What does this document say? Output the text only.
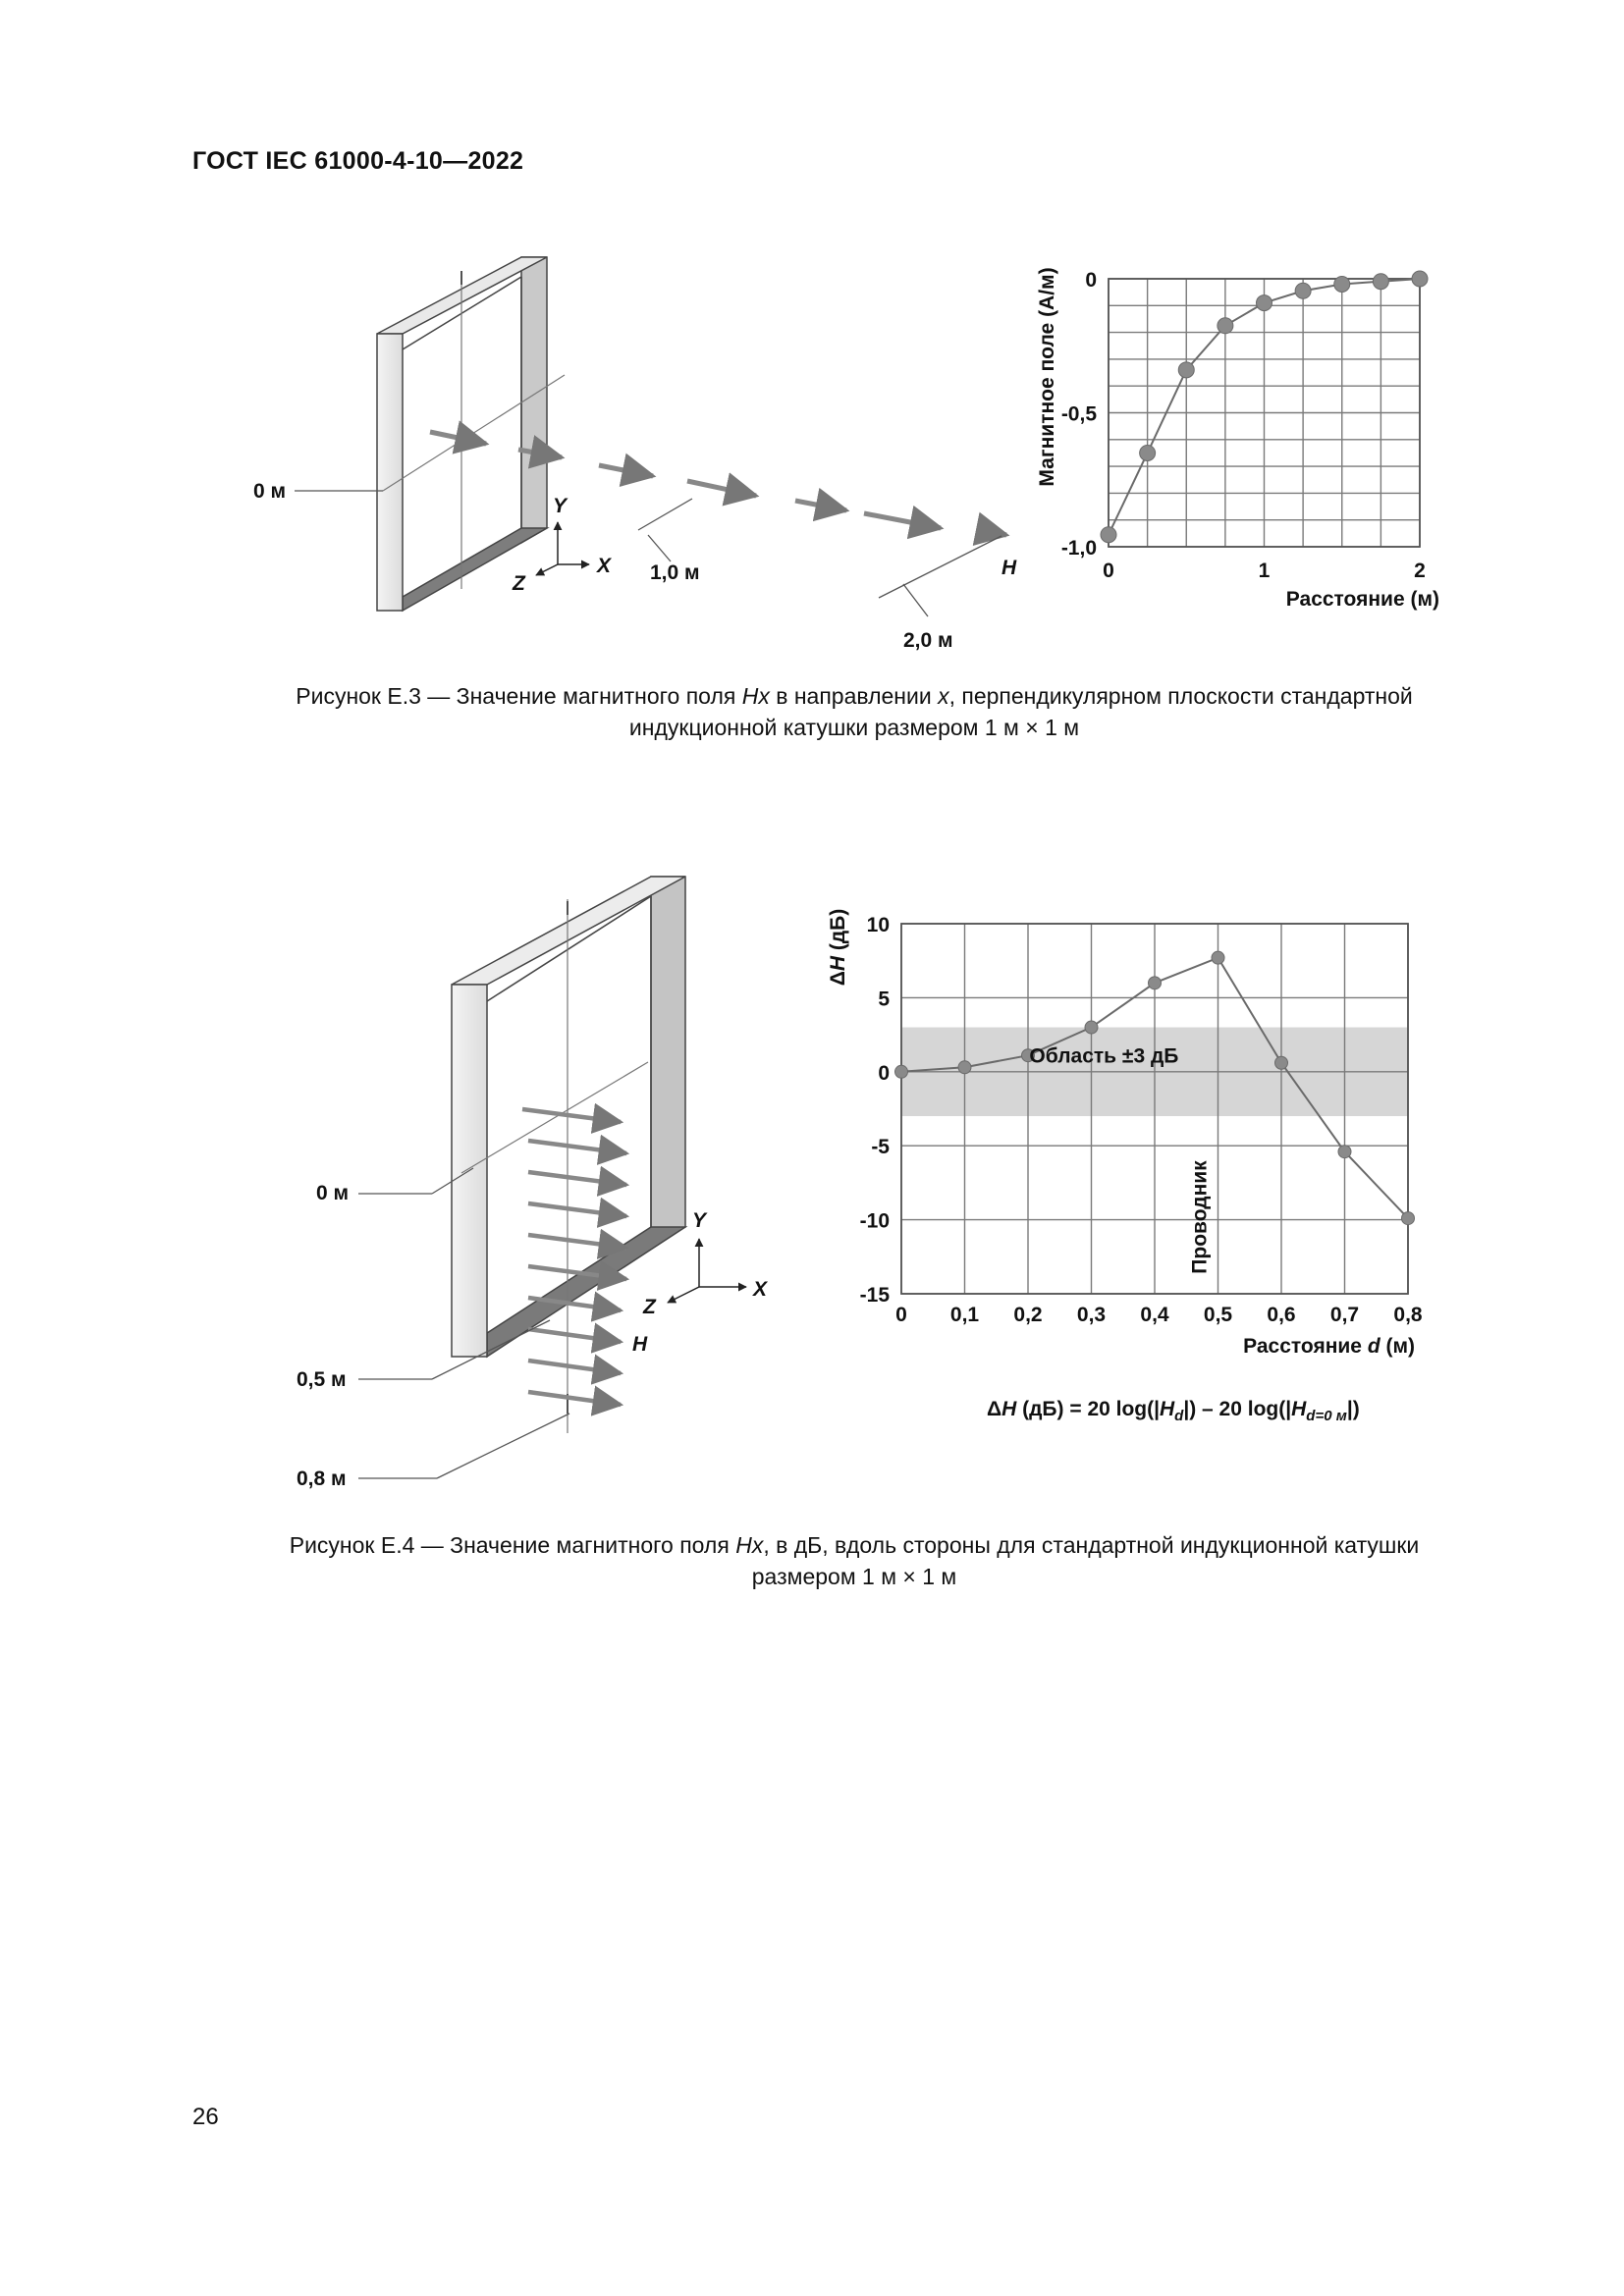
ГОСТ IEC 61000-4-10—2022
0 м
1,0 м
2,0 м
Y
X
Z
H	0	1	2
0
-0,5
-1,0
Расстояние (м)
Магнитное поле (А/м)
Рисунок Е.3 — Значение магнитного поля Hx в направлении x, перпендикулярном плоскости стандартной
индукционной катушки размером 1 м × 1 м
0 м
0,5 м
0,8 м
Y
X
Z
H
0 0,1 0,2 0,3 0,4 0,5 0,6 0,7 0,8
10
5
0
-5
-10
-15
Область ±3 дБ
Проводник
Расстояние d (м)
ΔH (дБ)
ΔH (дБ) = 20 $\log(|H_d|) - 20$ $\log(|H_{d=0 м}|)$
Рисунок Е.4 — Значение магнитного поля Hx, в дБ, вдоль стороны для стандартной индукционной катушки
размером 1 м × 1 м
26
